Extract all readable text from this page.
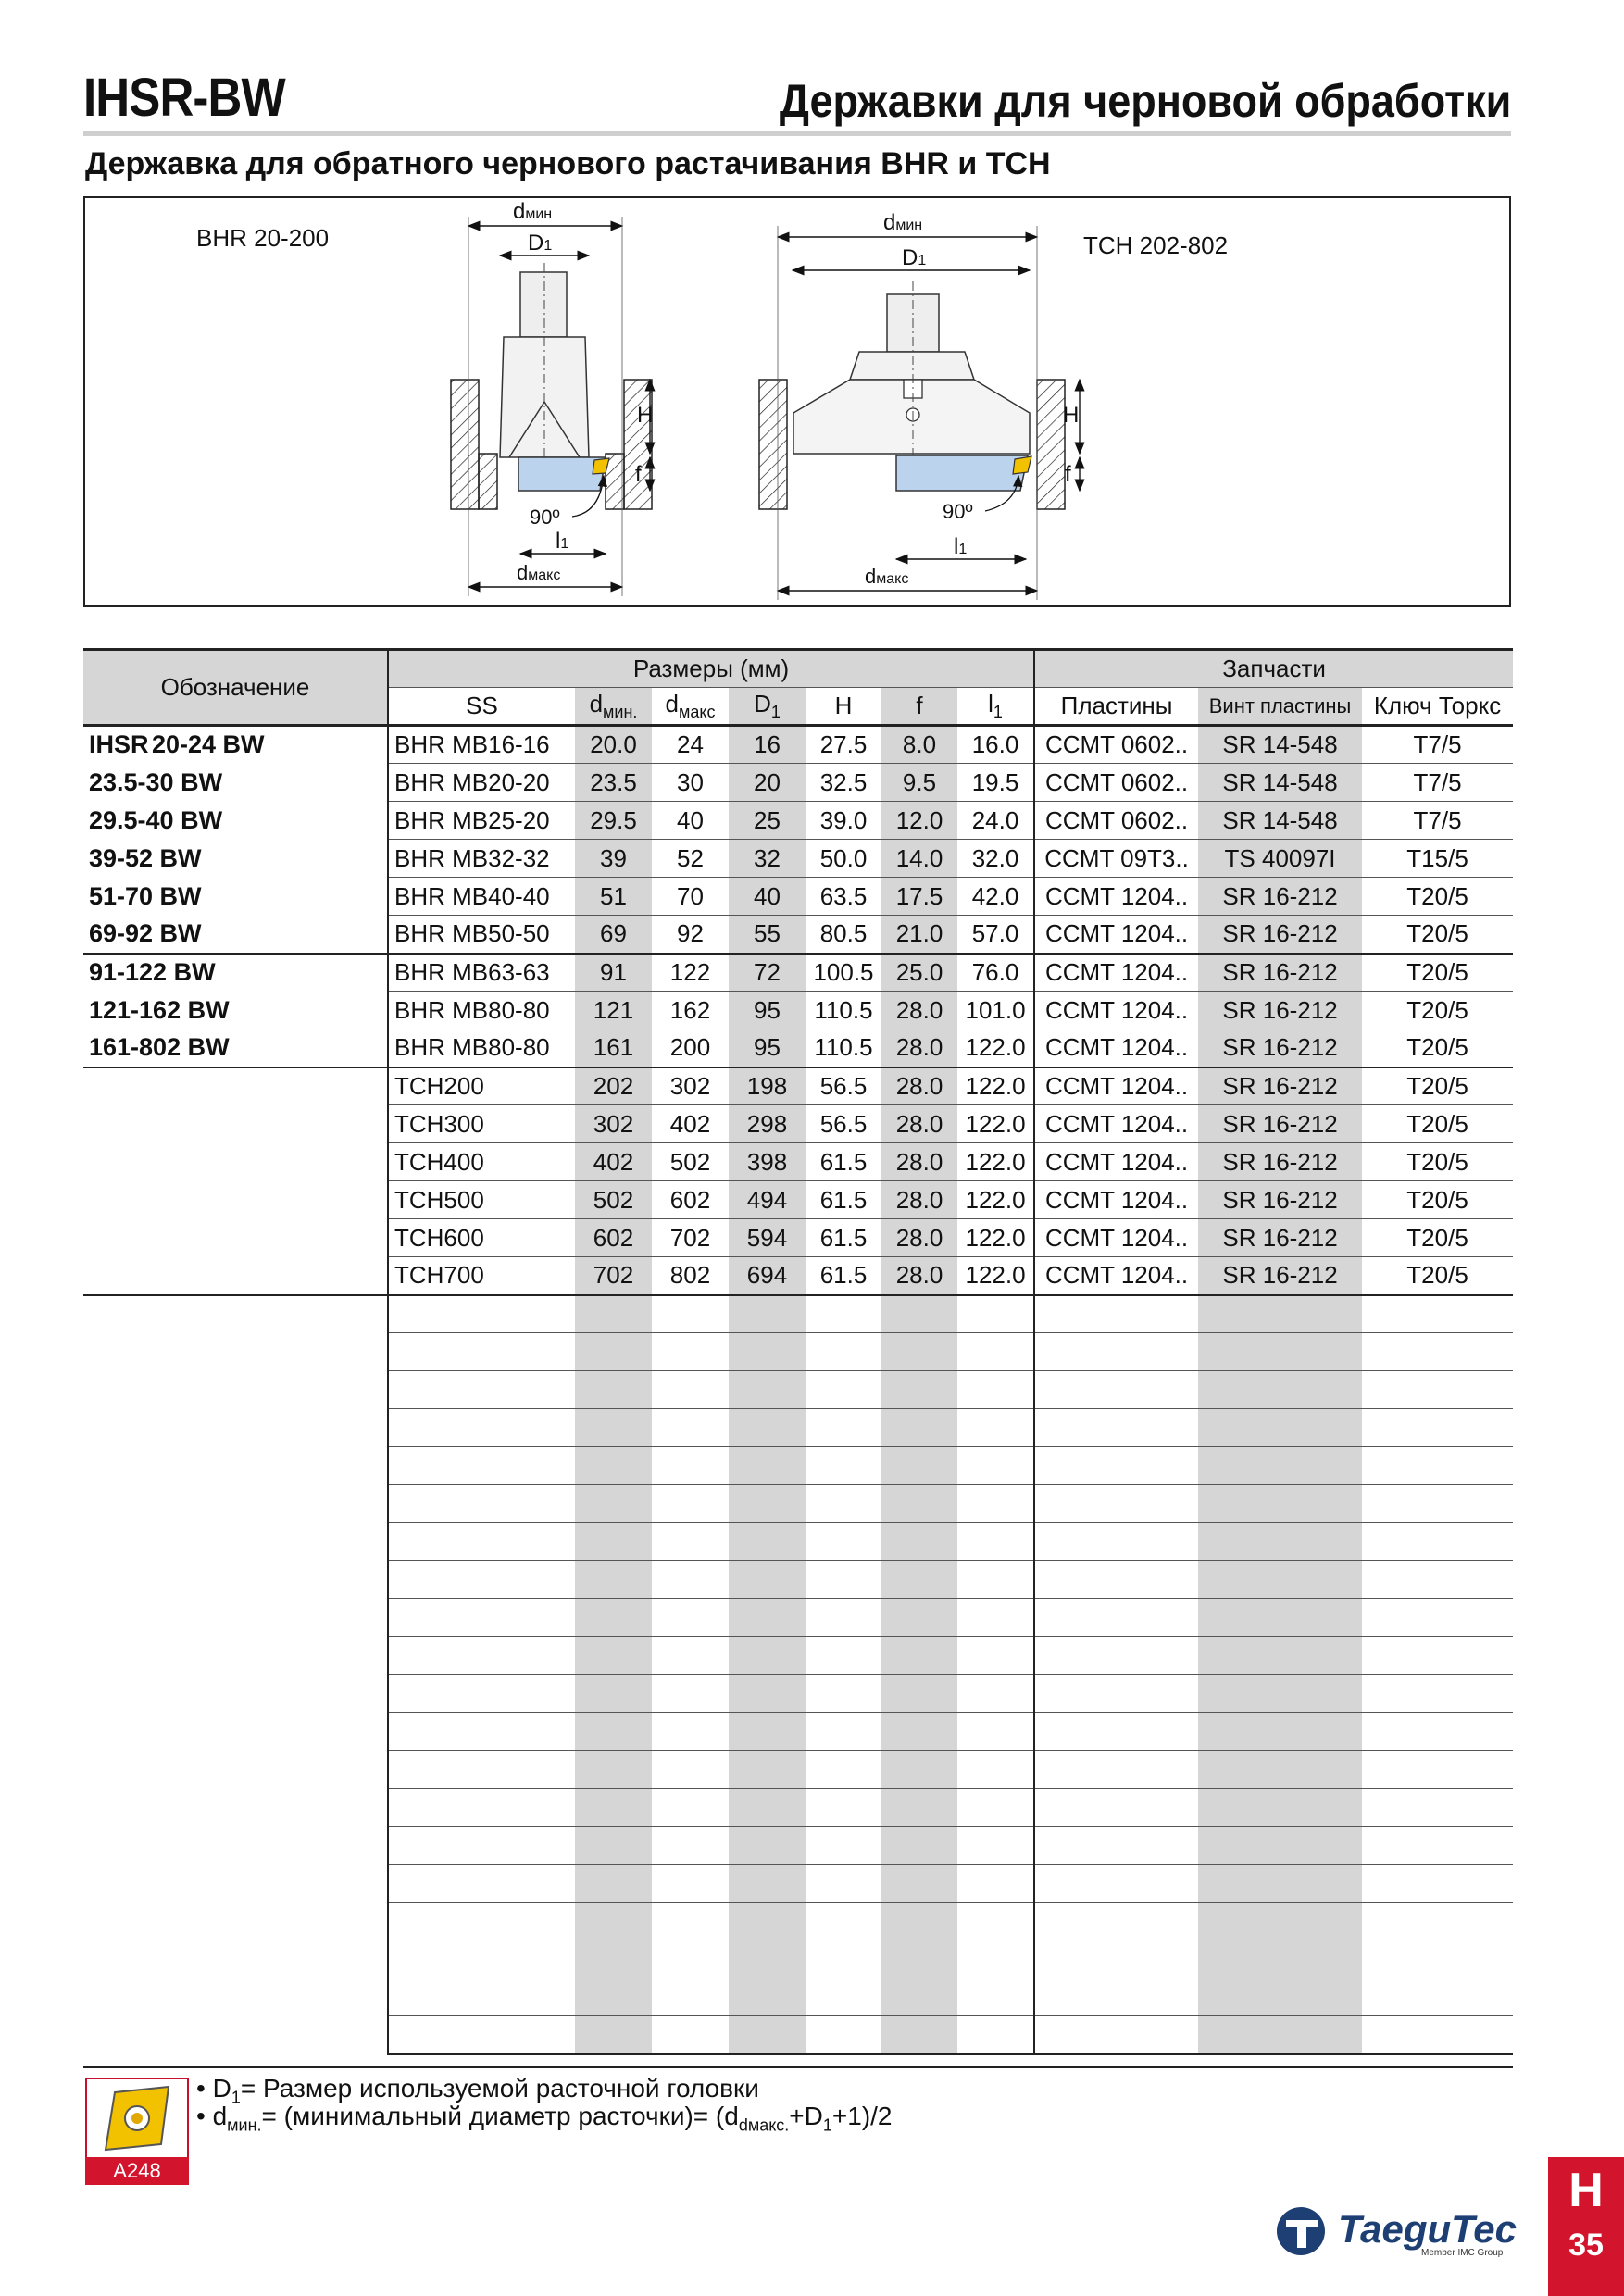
IHSR-BW	Державки для черновой обработки
Державка для обратного чернового растачивания BHR и TCH
BHR 20-200
dмин
D1
H
f
90º
l1
dмакс
TCH 202-802
dмин
D1
H
f
90º
l1
dмакс
Обозначение	Размеры (мм)							Запчасти		
	SS	$d_{мин.}$	$d_{макс}$	$D_1$	H	f	$l_1$	Пластины	Винт пластины	Ключ Торкс
IHSR 20-24 BW	BHR MB16-16	20.0	24	16	27.5	8.0	16.0	CCMT 0602..	SR 14-548	T7/5
23.5-30 BW	BHR MB20-20	23.5	30	20	32.5	9.5	19.5	CCMT 0602..	SR 14-548	T7/5
29.5-40 BW	BHR MB25-20	29.5	40	25	39.0	12.0	24.0	CCMT 0602..	SR 14-548	T7/5
39-52 BW	BHR MB32-32	39	52	32	50.0	14.0	32.0	CCMT 09T3..	TS 40097I	T15/5
51-70 BW	BHR MB40-40	51	70	40	63.5	17.5	42.0	CCMT 1204..	SR 16-212	T20/5
69-92 BW	BHR MB50-50	69	92	55	80.5	21.0	57.0	CCMT 1204..	SR 16-212	T20/5
91-122 BW	BHR MB63-63	91	122	72	100.5	25.0	76.0	CCMT 1204..	SR 16-212	T20/5
121-162 BW	BHR MB80-80	121	162	95	110.5	28.0	101.0	CCMT 1204..	SR 16-212	T20/5
161-802 BW	BHR MB80-80	161	200	95	110.5	28.0	122.0	CCMT 1204..	SR 16-212	T20/5
	TCH200	202	302	198	56.5	28.0	122.0	CCMT 1204..	SR 16-212	T20/5
	TCH300	302	402	298	56.5	28.0	122.0	CCMT 1204..	SR 16-212	T20/5
	TCH400	402	502	398	61.5	28.0	122.0	CCMT 1204..	SR 16-212	T20/5
	TCH500	502	602	494	61.5	28.0	122.0	CCMT 1204..	SR 16-212	T20/5
	TCH600	602	702	594	61.5	28.0	122.0	CCMT 1204..	SR 16-212	T20/5
	TCH700	702	802	694	61.5	28.0	122.0	CCMT 1204..	SR 16-212	T20/5

A248
• $D_1=$ Размер используемой расточной головки
• $d_{мин.}=$ (минимальный диаметр расточки)= $(d_{dмакс.}+D_1+1)/2$
TaeguTec
Member IMC Group
H
35
